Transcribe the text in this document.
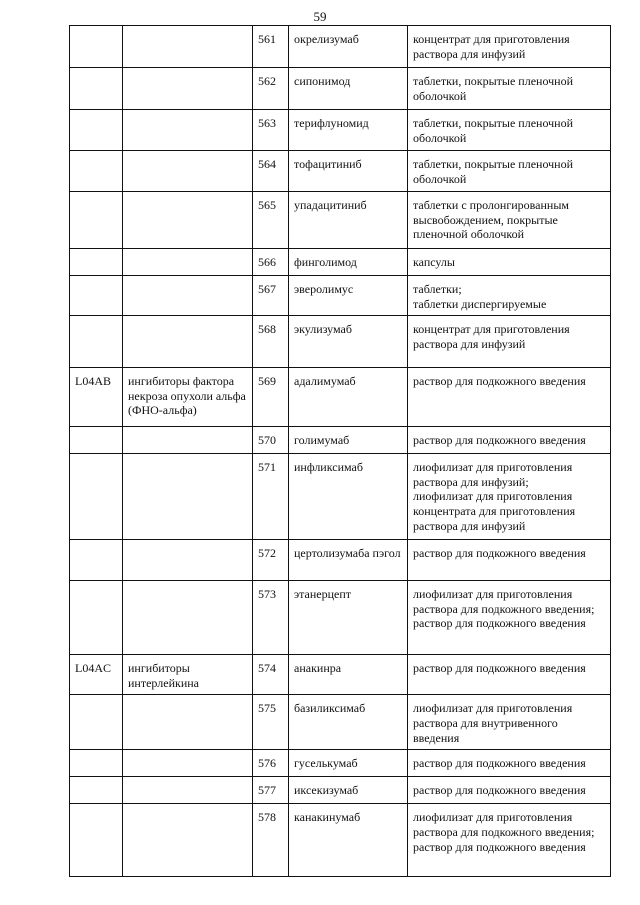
59
		561	окрелизумаб	концентрат для приготовления раствора для инфузий

		562	сипонимод	таблетки, покрытые пленочной оболочкой

		563	терифлуномид	таблетки, покрытые пленочной оболочкой

		564	тофацитиниб	таблетки, покрытые пленочной оболочкой

		565	упадацитиниб	таблетки с пролонгированным высвобождением, покрытые пленочной оболочкой

		566	финголимод	капсулы

		567	эверолимус	таблетки;
таблетки диспергируемые

		568	экулизумаб	концентрат для приготовления раствора для инфузий

L04AB	ингибиторы фактора некроза опухоли альфа (ФНО-альфа)	569	адалимумаб	раствор для подкожного введения

		570	голимумаб	раствор для подкожного введения

		571	инфликсимаб	лиофилизат для приготовления раствора для инфузий;
лиофилизат для приготовления концентрата для приготовления раствора для инфузий

		572	цертолизумаба пэгол	раствор для подкожного введения

		573	этанерцепт	лиофилизат для приготовления раствора для подкожного введения;
раствор для подкожного введения

L04AC	ингибиторы интерлейкина	574	анакинра	раствор для подкожного введения

		575	базиликсимаб	лиофилизат для приготовления раствора для внутривенного введения

		576	гуселькумаб	раствор для подкожного введения

		577	иксекизумаб	раствор для подкожного введения

		578	канакинумаб	лиофилизат для приготовления раствора для подкожного введения;
раствор для подкожного введения
